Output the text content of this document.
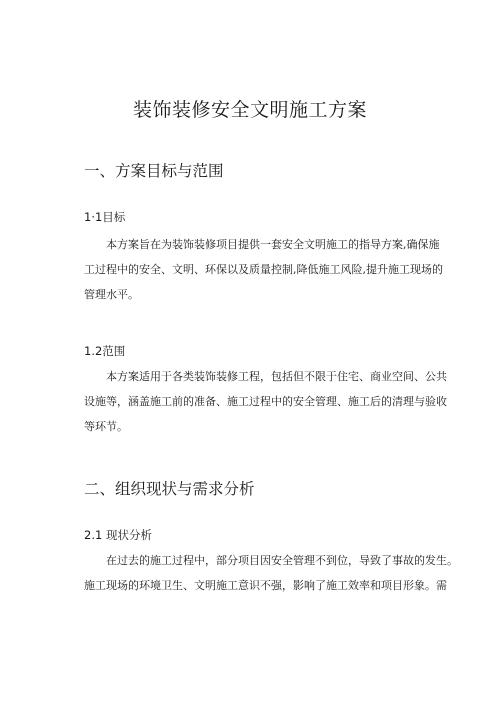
装饰装修安全文明施工方案
一、方案目标与范围
1·1目标
本方案旨在为装饰装修项目提供一套安全文明施工的指导方案,确保施
工过程中的安全、文明、环保以及质量控制,降低施工风险,提升施工现场的
管理水平。
1.2范围
本方案适用于各类装饰装修工程，包括但不限于住宅、商业空间、公共
设施等，涵盖施工前的准备、施工过程中的安全管理、施工后的清理与验收
等环节。
二、组织现状与需求分析
2.1 现状分析
在过去的施工过程中，部分项目因安全管理不到位，导致了事故的发生。
施工现场的环境卫生、文明施工意识不强，影响了施工效率和项目形象。需
